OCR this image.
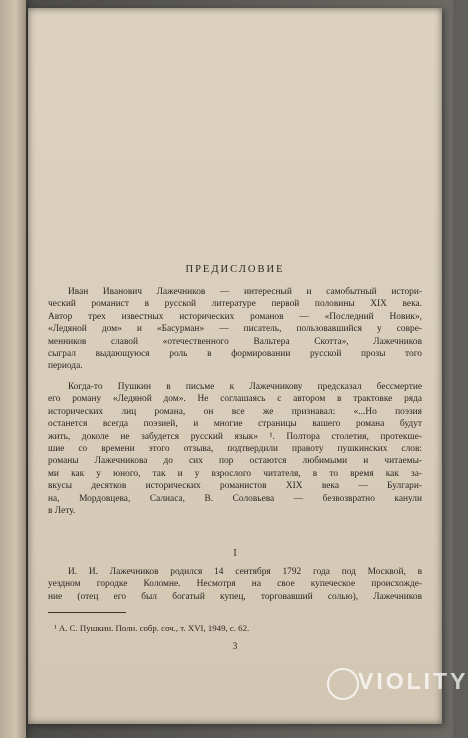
ПРЕДИСЛОВИЕ
Иван Иванович Лажечников — интересный и самобытный истори-
ческий романист в русской литературе первой половины XIX века.
Автор трех известных исторических романов — «Последний Новик»,
«Ледяной дом» и «Басурман» — писатель, пользовавшийся у совре-
менников славой «отечественного Вальтера Скотта», Лажечников
сыграл выдающуюся роль в формировании русской прозы того
периода.
Когда-то Пушкин в письме к Лажечникову предсказал бессмертие
его роману «Ледяной дом». Не соглашаясь с автором в трактовке ряда
исторических лиц романа, он все же признавал: «...Но поэзия
останется всегда поэзией, и многие страницы вашего романа будут
жить, доколе не забудется русский язык» ¹. Полтора столетия, протекше-
шие со времени этого отзыва, подтвердили правоту пушкинских слов:
романы Лажечникова до сих пор остаются любимыми и читаемы-
ми как у юного, так и у взрослого читателя, в то время как за-
вкусы десятков исторических романистов XIX века — Булгари-
на, Мордовцева, Салиаса, В. Соловьева — безвозвратно канули
в Лету.
I
И. И. Лажечников родился 14 сентября 1792 года под Москвой, в
уездном городке Коломне. Несмотря на свое купеческое происхожде-
ние (отец его был богатый купец, торговавший солью), Лажечников
¹ А. С. Пушкин. Полн. собр. соч., т. XVI, 1949, с. 62.
3
VIOLITY
